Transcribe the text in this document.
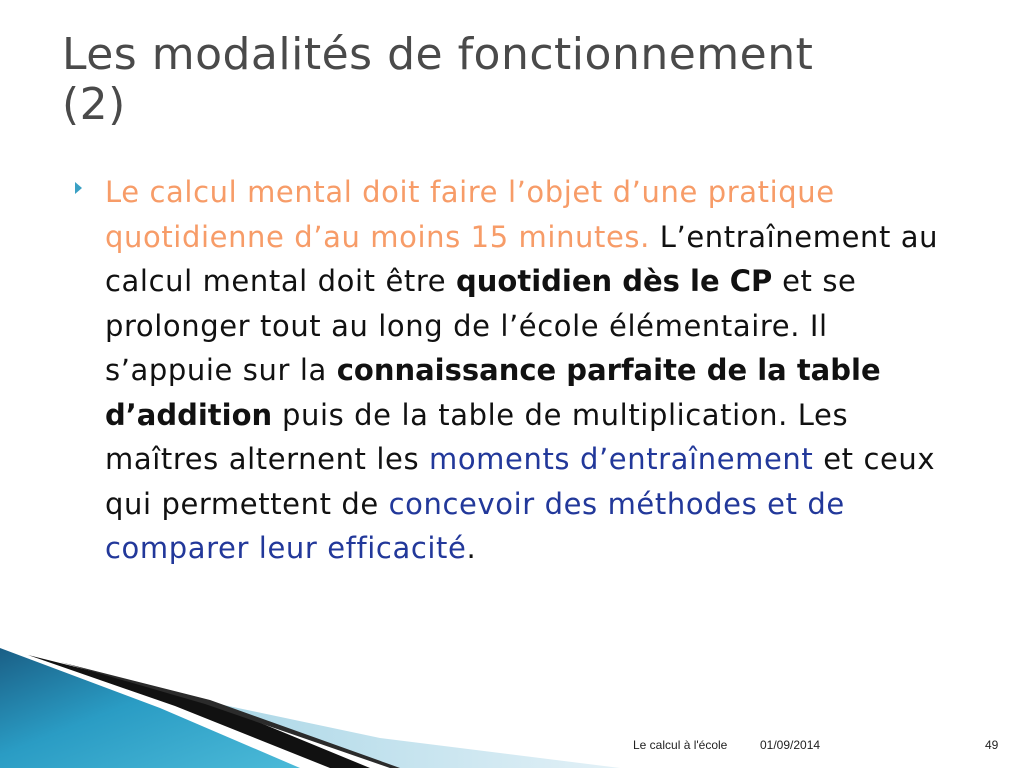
Les modalités de fonctionnement
(2)

Le calcul mental doit faire l’objet d’une pratique quotidienne d’au moins 15 minutes. L’entraînement au calcul mental doit être quotidien dès le CP et se prolonger tout au long de l’école élémentaire. Il s’appuie sur la connaissance parfaite de la table d’addition puis de la table de multiplication. Les maîtres alternent les moments d’entraînement et ceux qui permettent de concevoir des méthodes et de comparer leur efficacité.

Le calcul à l'école	01/09/2014	49
